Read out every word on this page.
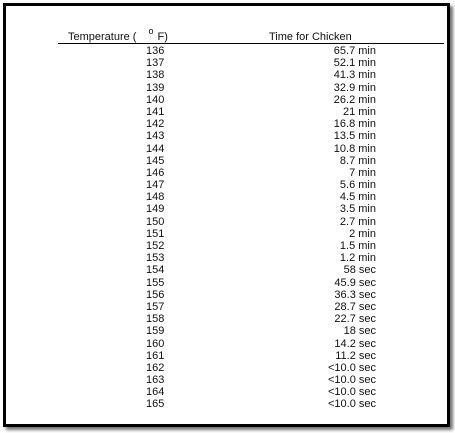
Temperature ( $^o$ F)	Time for Chicken
136	65.7 min
137	52.1 min
138	41.3 min
139	32.9 min
140	26.2 min
141	21 min
142	16.8 min
143	13.5 min
144	10.8 min
145	8.7 min
146	7 min
147	5.6 min
148	4.5 min
149	3.5 min
150	2.7 min
151	2 min
152	1.5 min
153	1.2 min
154	58 sec
155	45.9 sec
156	36.3 sec
157	28.7 sec
158	22.7 sec
159	18 sec
160	14.2 sec
161	11.2 sec
162	<10.0 sec
163	<10.0 sec
164	<10.0 sec
165	<10.0 sec
